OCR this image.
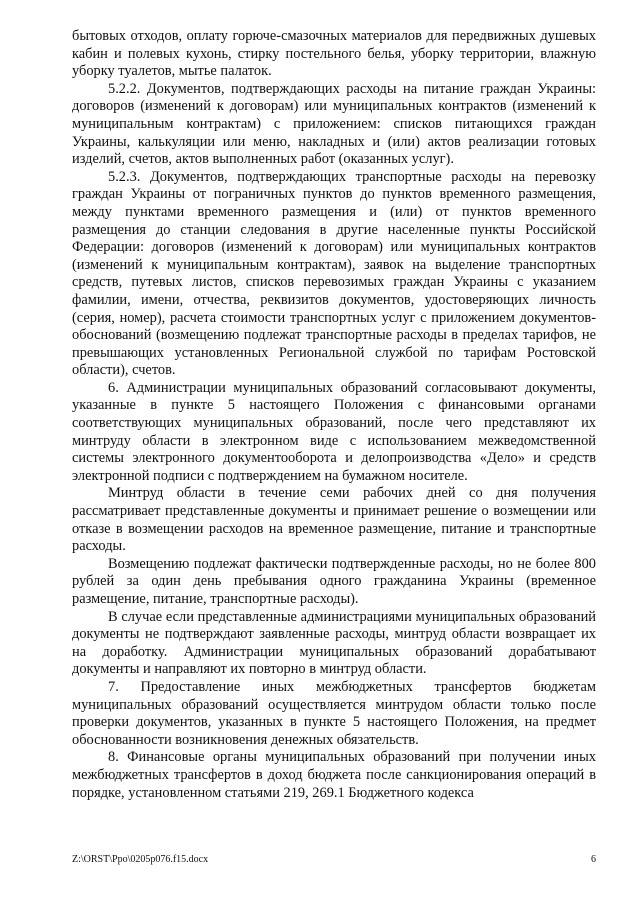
бытовых отходов, оплату горюче-смазочных материалов для передвижных душевых кабин и полевых кухонь, стирку постельного белья, уборку территории, влажную уборку туалетов, мытье палаток.

5.2.2. Документов, подтверждающих расходы на питание граждан Украины: договоров (изменений к договорам) или муниципальных контрактов (изменений к муниципальным контрактам) с приложением: списков питающихся граждан Украины, калькуляции или меню, накладных и (или) актов реализации готовых изделий, счетов, актов выполненных работ (оказанных услуг).

5.2.3. Документов, подтверждающих транспортные расходы на перевозку граждан Украины от пограничных пунктов до пунктов временного размещения, между пунктами временного размещения и (или) от пунктов временного размещения до станции следования в другие населенные пункты Российской Федерации: договоров (изменений к договорам) или муниципальных контрактов (изменений к муниципальным контрактам), заявок на выделение транспортных средств, путевых листов, списков перевозимых граждан Украины с указанием фамилии, имени, отчества, реквизитов документов, удостоверяющих личность (серия, номер), расчета стоимости транспортных услуг с приложением документов-обоснований (возмещению подлежат транспортные расходы в пределах тарифов, не превышающих установленных Региональной службой по тарифам Ростовской области), счетов.

6. Администрации муниципальных образований согласовывают документы, указанные в пункте 5 настоящего Положения с финансовыми органами соответствующих муниципальных образований, после чего представляют их минтруду области в электронном виде с использованием межведомственной системы электронного документооборота и делопроизводства «Дело» и средств электронной подписи с подтверждением на бумажном носителе.

Минтруд области в течение семи рабочих дней со дня получения рассматривает представленные документы и принимает решение о возмещении или отказе в возмещении расходов на временное размещение, питание и транспортные расходы.

Возмещению подлежат фактически подтвержденные расходы, но не более 800 рублей за один день пребывания одного гражданина Украины (временное размещение, питание, транспортные расходы).

В случае если представленные администрациями муниципальных образований документы не подтверждают заявленные расходы, минтруд области возвращает их на доработку. Администрации муниципальных образований дорабатывают документы и направляют их повторно в минтруд области.

7. Предоставление иных межбюджетных трансфертов бюджетам муниципальных образований осуществляется минтрудом области только после проверки документов, указанных в пункте 5 настоящего Положения, на предмет обоснованности возникновения денежных обязательств.

8. Финансовые органы муниципальных образований при получении иных межбюджетных трансфертов в доход бюджета после санкционирования операций в порядке, установленном статьями 219, 269.1 Бюджетного кодекса

Z:\ORST\Ppo\0205p076.f15.docx	6
